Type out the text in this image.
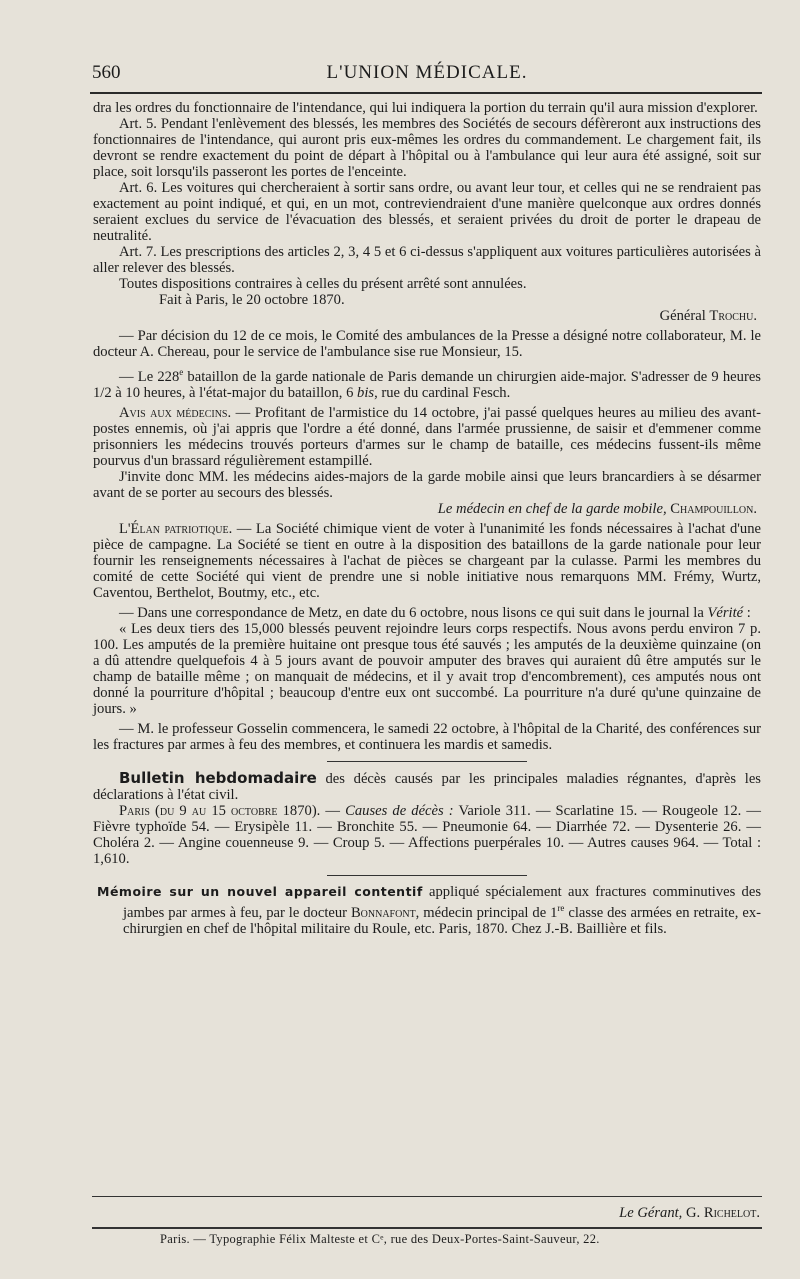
560	L'UNION MÉDICALE.

dra les ordres du fonctionnaire de l'intendance, qui lui indiquera la portion du terrain qu'il aura mission d'explorer.

Art. 5. Pendant l'enlèvement des blessés, les membres des Sociétés de secours défèreront aux instructions des fonctionnaires de l'intendance, qui auront pris eux-mêmes les ordres du commandement. Le chargement fait, ils devront se rendre exactement du point de départ à l'hôpital ou à l'ambulance qui leur aura été assigné, soit sur place, soit lorsqu'ils passeront les portes de l'enceinte.

Art. 6. Les voitures qui chercheraient à sortir sans ordre, ou avant leur tour, et celles qui ne se rendraient pas exactement au point indiqué, et qui, en un mot, contreviendraient d'une manière quelconque aux ordres donnés seraient exclues du service de l'évacuation des blessés, et seraient privées du droit de porter le drapeau de neutralité.

Art. 7. Les prescriptions des articles 2, 3, 4 5 et 6 ci-dessus s'appliquent aux voitures particulières autorisées à aller relever des blessés.

Toutes dispositions contraires à celles du présent arrêté sont annulées.

Fait à Paris, le 20 octobre 1870.

Général Trochu.

— Par décision du 12 de ce mois, le Comité des ambulances de la Presse a désigné notre collaborateur, M. le docteur A. Chereau, pour le service de l'ambulance sise rue Monsieur, 15.

— Le 228e bataillon de la garde nationale de Paris demande un chirurgien aide-major. S'adresser de 9 heures 1/2 à 10 heures, à l'état-major du bataillon, 6 bis, rue du cardinal Fesch.

Avis aux médecins. — Profitant de l'armistice du 14 octobre, j'ai passé quelques heures au milieu des avant-postes ennemis, où j'ai appris que l'ordre a été donné, dans l'armée prussienne, de saisir et d'emmener comme prisonniers les médecins trouvés porteurs d'armes sur le champ de bataille, ces médecins fussent-ils même pourvus d'un brassard régulièrement estampillé.

J'invite donc MM. les médecins aides-majors de la garde mobile ainsi que leurs brancardiers à se désarmer avant de se porter au secours des blessés.

Le médecin en chef de la garde mobile, Champouillon.

L'Élan patriotique. — La Société chimique vient de voter à l'unanimité les fonds nécessaires à l'achat d'une pièce de campagne. La Société se tient en outre à la disposition des bataillons de la garde nationale pour leur fournir les renseignements nécessaires à l'achat de pièces se chargeant par la culasse. Parmi les membres du comité de cette Société qui vient de prendre une si noble initiative nous remarquons MM. Frémy, Wurtz, Caventou, Berthelot, Boutmy, etc., etc.

— Dans une correspondance de Metz, en date du 6 octobre, nous lisons ce qui suit dans le journal la Vérité :

« Les deux tiers des 15,000 blessés peuvent rejoindre leurs corps respectifs. Nous avons perdu environ 7 p. 100. Les amputés de la première huitaine ont presque tous été sauvés ; les amputés de la deuxième quinzaine (on a dû attendre quelquefois 4 à 5 jours avant de pouvoir amputer des braves qui auraient dû être amputés sur le champ de bataille même ; on manquait de médecins, et il y avait trop d'encombrement), ces amputés nous ont donné la pourriture d'hôpital ; beaucoup d'entre eux ont succombé. La pourriture n'a duré qu'une quinzaine de jours. »

— M. le professeur Gosselin commencera, le samedi 22 octobre, à l'hôpital de la Charité, des conférences sur les fractures par armes à feu des membres, et continuera les mardis et samedis.

Bulletin hebdomadaire des décès causés par les principales maladies régnantes, d'après les déclarations à l'état civil.

Paris (du 9 au 15 octobre 1870). — Causes de décès : Variole 311. — Scarlatine 15. — Rougeole 12. — Fièvre typhoïde 54. — Erysipèle 11. — Bronchite 55. — Pneumonie 64. — Diarrhée 72. — Dysenterie 26. — Choléra 2. — Angine couenneuse 9. — Croup 5. — Affections puerpérales 10. — Autres causes 964. — Total : 1,610.

Mémoire sur un nouvel appareil contentif appliqué spécialement aux fractures comminutives des jambes par armes à feu, par le docteur Bonnafont, médecin principal de 1re classe des armées en retraite, ex-chirurgien en chef de l'hôpital militaire du Roule, etc. Paris, 1870. Chez J.-B. Baillière et fils.

Le Gérant, G. Richelot.
Paris. — Typographie Félix Malteste et Cᵉ, rue des Deux-Portes-Saint-Sauveur, 22.
